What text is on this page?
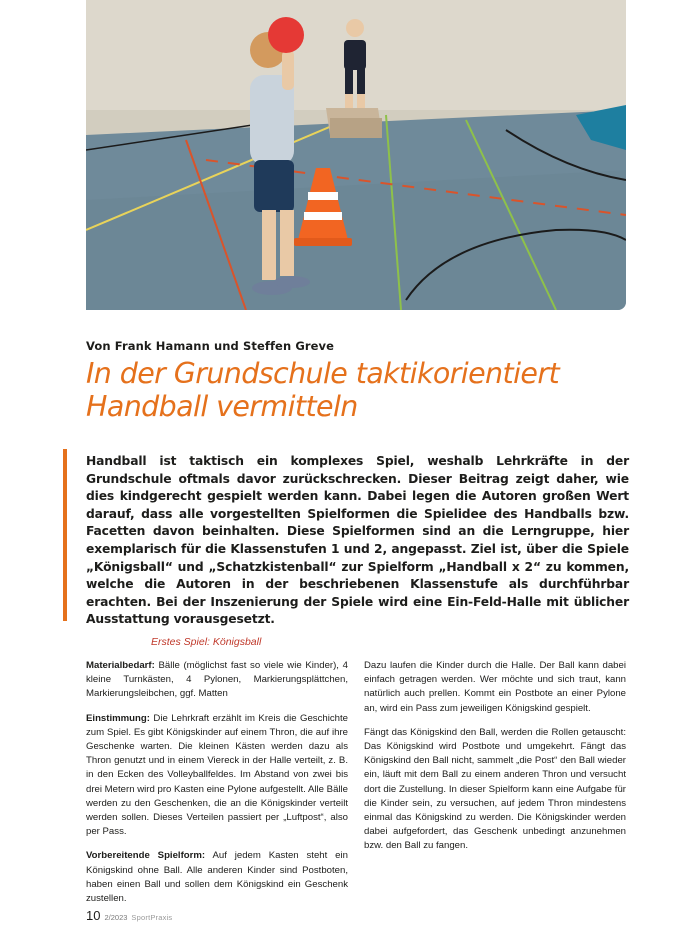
Von Frank Hamann und Steffen Greve
In der Grundschule taktikorientiert
Handball vermitteln

Handball ist taktisch ein komplexes Spiel, weshalb Lehrkräfte in der Grundschule oftmals davor zurückschrecken. Dieser Beitrag zeigt daher, wie dies kindgerecht gespielt werden kann. Dabei legen die Autoren großen Wert darauf, dass alle vorgestellten Spielformen die Spielidee des Handballs bzw. Facetten davon beinhalten. Diese Spielformen sind an die Lerngruppe, hier exemplarisch für die Klassenstufen 1 und 2, angepasst. Ziel ist, über die Spiele „Königsball“ und „Schatzkistenball“ zur Spielform „Handball x 2“ zu kommen, welche die Autoren in der beschriebenen Klassenstufe als durchführbar erachten. Bei der Inszenierung der Spiele wird eine Ein-Feld-Halle mit üblicher Ausstattung vorausgesetzt.

Erstes Spiel: Königsball

Materialbedarf: Bälle (möglichst fast so viele wie Kinder), 4 kleine Turnkästen, 4 Pylonen, Markierungsplättchen, Markierungsleibchen, ggf. Matten

Einstimmung: Die Lehrkraft erzählt im Kreis die Geschichte zum Spiel. Es gibt Königskinder auf einem Thron, die auf ihre Geschenke warten. Die kleinen Kästen werden dazu als Thron genutzt und in einem Viereck in der Halle verteilt, z. B. in den Ecken des Volleyballfeldes. Im Abstand von zwei bis drei Metern wird pro Kasten eine Pylone aufgestellt. Alle Bälle werden zu den Geschenken, die an die Königskinder verteilt werden sollen. Dieses Verteilen passiert per „Luftpost“, also per Pass.

Vorbereitende Spielform: Auf jedem Kasten steht ein Königskind ohne Ball. Alle anderen Kinder sind Postboten, haben einen Ball und sollen dem Königskind ein Geschenk zustellen.

Dazu laufen die Kinder durch die Halle. Der Ball kann dabei einfach getragen werden. Wer möchte und sich traut, kann natürlich auch prellen. Kommt ein Postbote an einer Pylone an, wird ein Pass zum jeweiligen Königskind gespielt.

Fängt das Königskind den Ball, werden die Rollen getauscht: Das Königskind wird Postbote und umgekehrt. Fängt das Königskind den Ball nicht, sammelt „die Post“ den Ball wieder ein, läuft mit dem Ball zu einem anderen Thron und versucht dort die Zustellung. In dieser Spielform kann eine Aufgabe für die Kinder sein, zu versuchen, auf jedem Thron mindestens einmal das Königskind zu werden. Die Königskinder werden dabei aufgefordert, das Geschenk unbedingt anzunehmen bzw. den Ball zu fangen.

10 2/2023 SportPraxis
